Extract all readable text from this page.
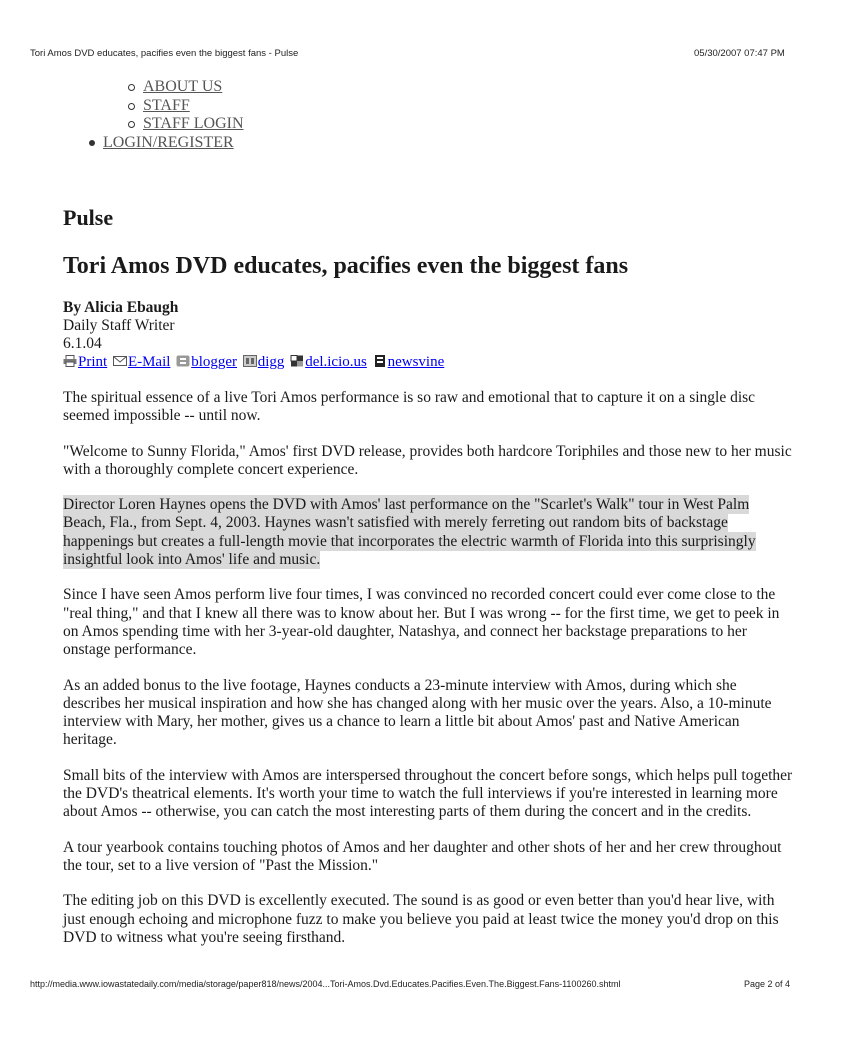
Tori Amos DVD educates, pacifies even the biggest fans - Pulse	05/30/2007 07:47 PM
ABOUT US
STAFF
STAFF LOGIN
LOGIN/REGISTER
Pulse
Tori Amos DVD educates, pacifies even the biggest fans
By Alicia Ebaugh
Daily Staff Writer
6.1.04
Print E-Mail blogger digg del.icio.us newsvine

The spiritual essence of a live Tori Amos performance is so raw and emotional that to capture it on a single disc seemed impossible -- until now.

"Welcome to Sunny Florida," Amos' first DVD release, provides both hardcore Toriphiles and those new to her music with a thoroughly complete concert experience.

Director Loren Haynes opens the DVD with Amos' last performance on the "Scarlet's Walk" tour in West Palm Beach, Fla., from Sept. 4, 2003. Haynes wasn't satisfied with merely ferreting out random bits of backstage happenings but creates a full-length movie that incorporates the electric warmth of Florida into this surprisingly insightful look into Amos' life and music.

Since I have seen Amos perform live four times, I was convinced no recorded concert could ever come close to the "real thing," and that I knew all there was to know about her. But I was wrong -- for the first time, we get to peek in on Amos spending time with her 3-year-old daughter, Natashya, and connect her backstage preparations to her onstage performance.

As an added bonus to the live footage, Haynes conducts a 23-minute interview with Amos, during which she describes her musical inspiration and how she has changed along with her music over the years. Also, a 10-minute interview with Mary, her mother, gives us a chance to learn a little bit about Amos' past and Native American heritage.

Small bits of the interview with Amos are interspersed throughout the concert before songs, which helps pull together the DVD's theatrical elements. It's worth your time to watch the full interviews if you're interested in learning more about Amos -- otherwise, you can catch the most interesting parts of them during the concert and in the credits.

A tour yearbook contains touching photos of Amos and her daughter and other shots of her and her crew throughout the tour, set to a live version of "Past the Mission."

The editing job on this DVD is excellently executed. The sound is as good or even better than you'd hear live, with just enough echoing and microphone fuzz to make you believe you paid at least twice the money you'd drop on this DVD to witness what you're seeing firsthand.

http://media.www.iowastatedaily.com/media/storage/paper818/news/2004...Tori-Amos.Dvd.Educates.Pacifies.Even.The.Biggest.Fans-1100260.shtml	Page 2 of 4
